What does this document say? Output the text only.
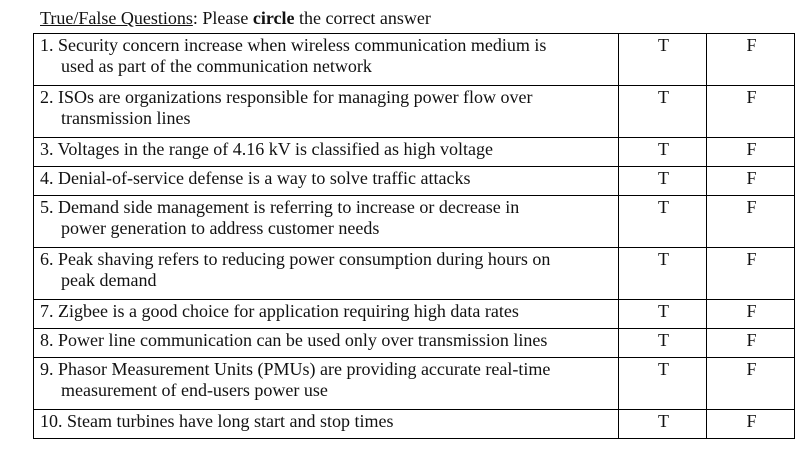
True/False Questions: Please circle the correct answer
1. Security concern increase when wireless communication medium is
used as part of the communication network	T	F
2. ISOs are organizations responsible for managing power flow over
transmission lines	T	F
3. Voltages in the range of 4.16 kV is classified as high voltage	T	F
4. Denial-of-service defense is a way to solve traffic attacks	T	F
5. Demand side management is referring to increase or decrease in
power generation to address customer needs	T	F
6. Peak shaving refers to reducing power consumption during hours on
peak demand	T	F
7. Zigbee is a good choice for application requiring high data rates	T	F
8. Power line communication can be used only over transmission lines	T	F
9. Phasor Measurement Units (PMUs) are providing accurate real-time
measurement of end-users power use	T	F
10. Steam turbines have long start and stop times	T	F
